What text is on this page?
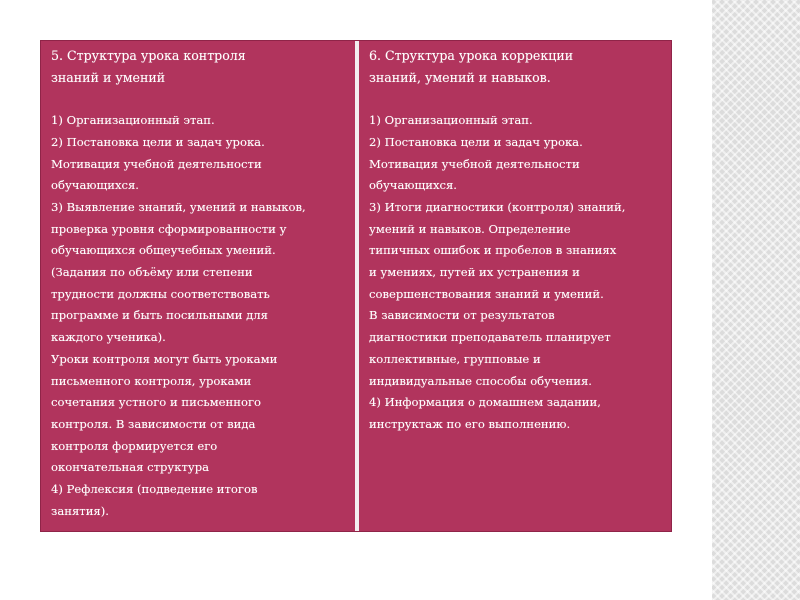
5. Структура урока контроля
знаний и умений
1) Организационный этап.
2) Постановка цели и задач урока.
Мотивация учебной деятельности
обучающихся.
3) Выявление знаний, умений и навыков,
проверка уровня сформированности у
обучающихся общеучебных умений.
(Задания по объёму или степени
трудности должны соответствовать
программе и быть посильными для
каждого ученика).
Уроки контроля могут быть уроками
письменного контроля, уроками
сочетания устного и письменного
контроля. В зависимости от вида
контроля формируется его
окончательная структура
4) Рефлексия (подведение итогов
занятия).
6. Структура урока коррекции
знаний, умений и навыков.
1) Организационный этап.
2) Постановка цели и задач урока.
Мотивация учебной деятельности
обучающихся.
3) Итоги диагностики (контроля) знаний,
умений и навыков. Определение
типичных ошибок и пробелов в знаниях
и умениях, путей их устранения и
совершенствования знаний и умений.
В зависимости от результатов
диагностики преподаватель планирует
коллективные, групповые и
индивидуальные способы обучения.
4) Информация о домашнем задании,
инструктаж по его выполнению.
